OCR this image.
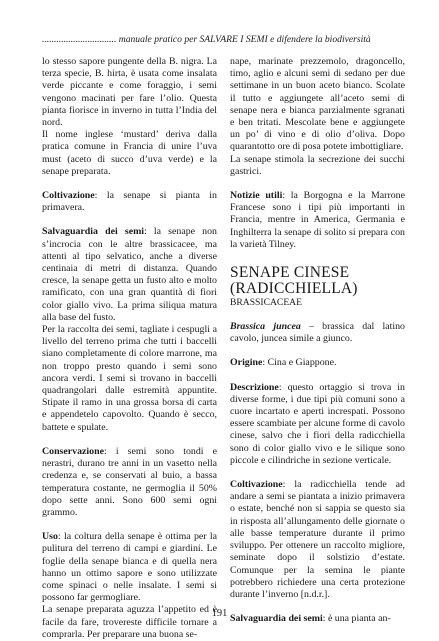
............................... manuale pratico per SALVARE I SEMI e difendere la biodiversità

lo stesso sapore pungente della B. nigra. La terza specie, B. hirta, è usata come insalata verde piccante e come foraggio, i semi vengono macinati per fare l’olio. Questa pianta fiorisce in inverno in tutta l’India del nord.

Il nome inglese ‘mustard’ deriva dalla pratica comune in Francia di unire l’uva must (aceto di succo d’uva verde) e la senape preparata.

Coltivazione: la senape si pianta in primavera.

Salvaguardia dei semi: la senape non s’incrocia con le altre brassicacee, ma attenti al tipo selvatico, anche a diverse centinaia di metri di distanza. Quando cresce, la senape getta un fusto alto e molto ramificato, con una gran quantità di fiori color giallo vivo. La prima siliqua matura alla base del fusto.

Per la raccolta dei semi, tagliate i cespugli a livello del terreno prima che tutti i baccelli siano completamente di colore marrone, ma non troppo presto quando i semi sono ancora verdi. I semi si trovano in baccelli quadrangolari dalle estremità appuntite. Stipate il ramo in una grossa borsa di carta e appendetelo capovolto. Quando è secco, battete e spulate.

Conservazione: i semi sono tondi e nerastri, durano tre anni in un vasetto nella credenza e, se conservati al buio, a bassa temperatura costante, ne germoglia il 50% dopo sette anni. Sono 600 semi ogni grammo.

Uso: la coltura della senape è ottima per la pulitura del terreno di campi e giardini. Le foglie della senape bianca e di quella nera hanno un ottimo sapore e sono utilizzate come spinaci o nelle insalate. I semi si possono far germogliare.

La senape preparata aguzza l’appetito ed è facile da fare, trovereste difficile tornare a comprarla. Per preparare una buona se-

nape, marinate prezzemolo, dragoncello, timo, aglio e alcuni semi di sedano per due settimane in un buon aceto bianco. Scolate il tutto e aggiungete all’aceto semi di senape nera e bianca parzialmente sgranati e ben tritati. Mescolate bene e aggiungete un po’ di vino e di olio d’oliva. Dopo quarantotto ore di posa potete imbottigliare.

La senape stimola la secrezione dei succhi gastrici.

Notizie utili: la Borgogna e la Marrone Francese sono i tipi più importanti in Francia, mentre in America, Germania e Inghilterra la senape di solito si prepara con la varietà Tilney.

SENAPE CINESE
(RADICCHIELLA)
BRASSICACEAE

Brassica juncea – brassica dal latino cavolo, juncea simile a giunco.

Origine: Cina e Giappone.

Descrizione: questo ortaggio si trova in diverse forme, i due tipi più comuni sono a cuore incartato e aperti increspati. Possono essere scambiate per alcune forme di cavolo cinese, salvo che i fiori della radicchiella sono di color giallo vivo e le silique sono piccole e cilindriche in sezione verticale.

Coltivazione: la radicchiella tende ad andare a semi se piantata a inizio primavera o estate, benché non si sappia se questo sia in risposta all’allungamento delle giornate o alle basse temperature durante il primo sviluppo. Per ottenere un raccolto migliore, seminate dopo il solstizio d’estate. Comunque per la semina le piante potrebbero richiedere una certa protezione durante l’inverno [n.d.r.].

Salvaguardia dei semi: è una pianta an-

191
